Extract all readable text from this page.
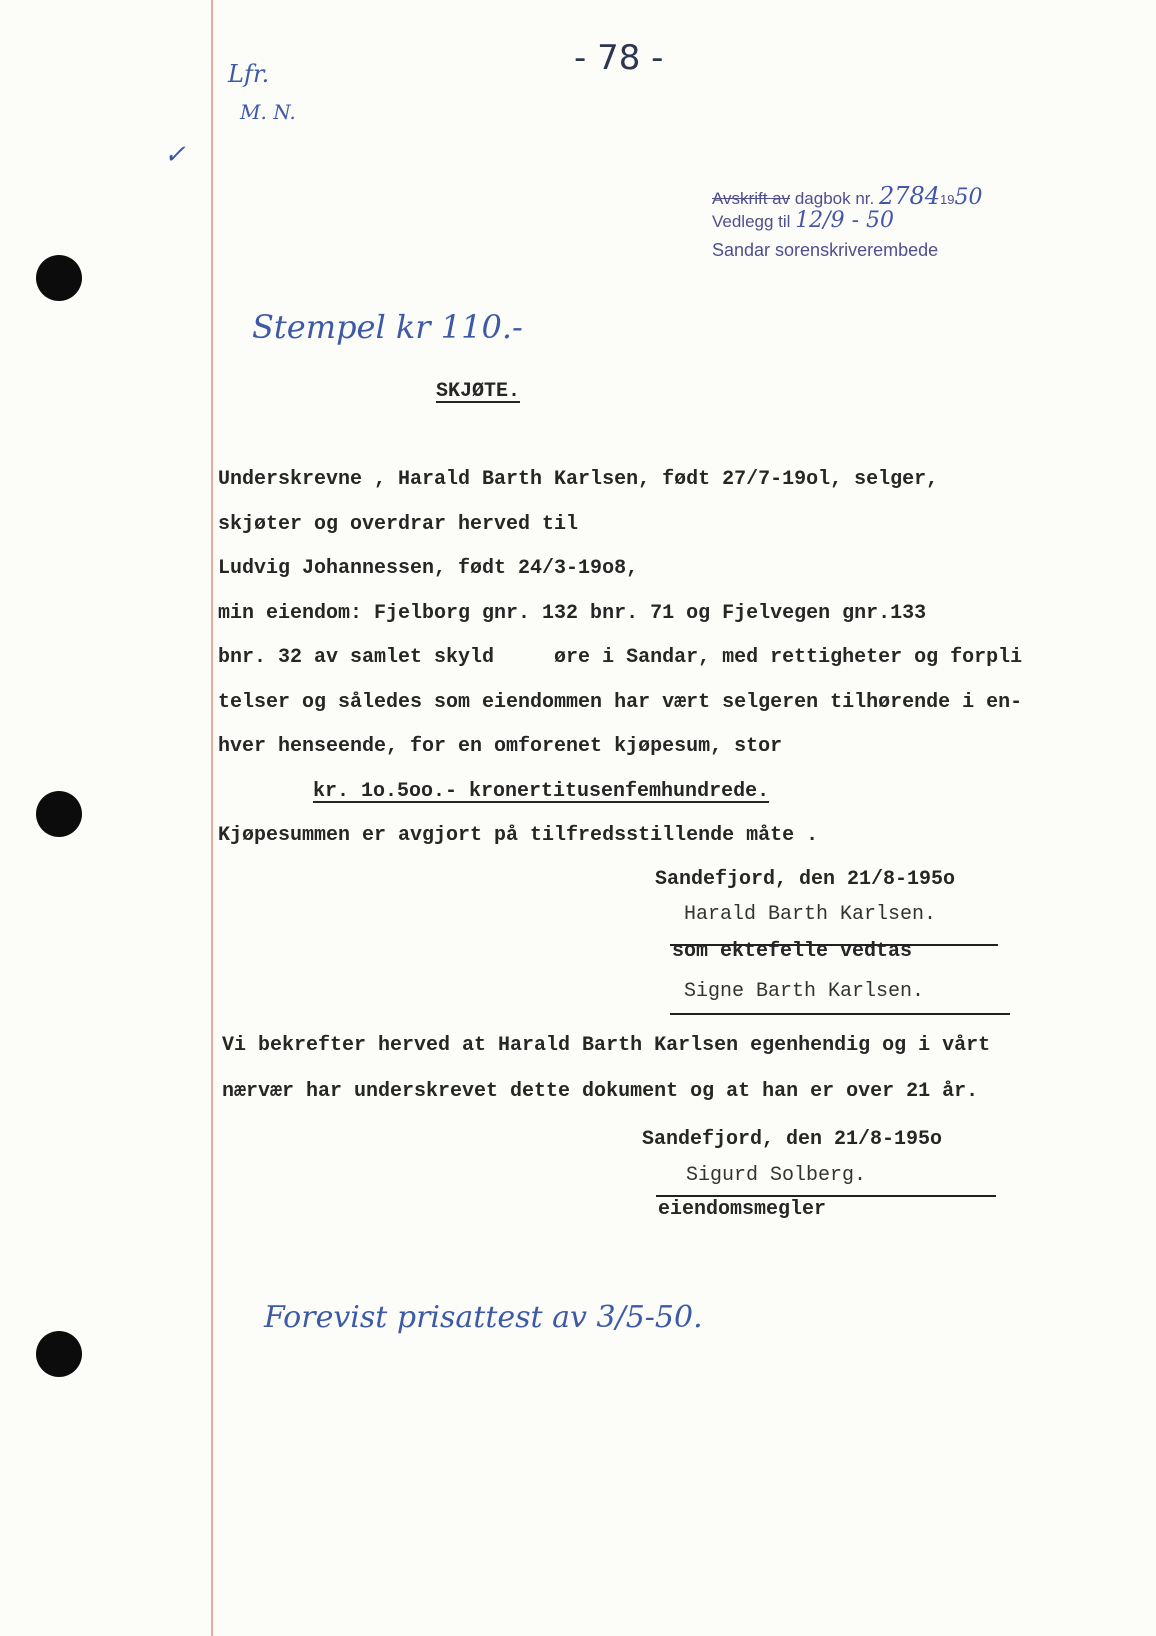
- 78 -
Lfr.
M. N.
✓
Avskrift av dagbok nr. 27841950
Vedlegg til 12/9 - 50
Sandar sorenskriverembede
Stempel kr 110.-
SKJØTE.
Underskrevne , Harald Barth Karlsen, født 27/7-19ol, selger,
skjøter og overdrar herved til
Ludvig Johannessen, født 24/3-19o8,
min eiendom: Fjelborg gnr. 132 bnr. 71 og Fjelvegen gnr.133
bnr. 32 av samlet skyld     øre i Sandar, med rettigheter og forpli
telser og således som eiendommen har vært selgeren tilhørende i en-
hver henseende, for en omforenet kjøpesum, stor
kr. 1o.5oo.- kronertitusenfemhundrede.
Kjøpesummen er avgjort på tilfredsstillende måte .
Sandefjord, den 21/8-195o
Harald Barth Karlsen.
som ektefelle vedtas
Signe Barth Karlsen.
Vi bekrefter herved at Harald Barth Karlsen egenhendig og i vårt
nærvær har underskrevet dette dokument og at han er over 21 år.
Sandefjord, den 21/8-195o
Sigurd Solberg.
eiendomsmegler
Forevist prisattest av 3/5-50.
